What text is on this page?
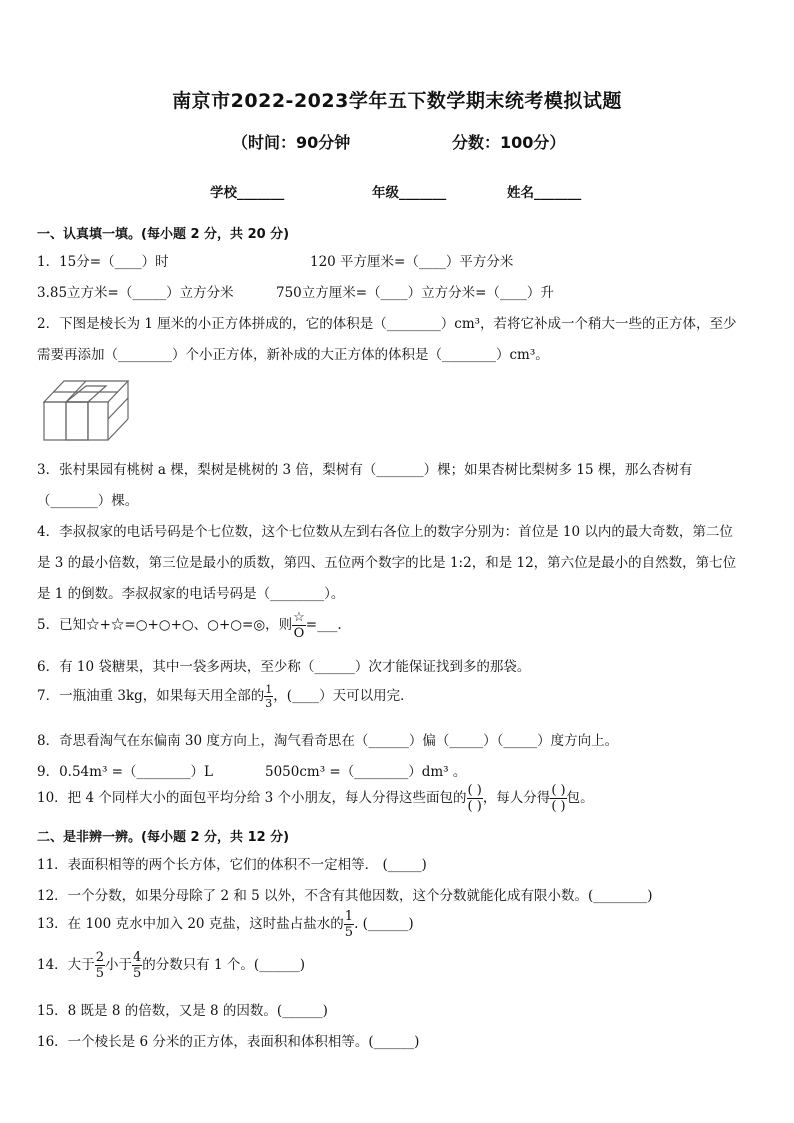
南京市2022-2023学年五下数学期末统考模拟试题
（时间：90分钟	分数：100分）
学校_______	年级_______	姓名_______
一、认真填一填。(每小题 2 分，共 20 分)
1．15分=（____）时	120 平方厘米=（____）平方分米
3.85立方米=（_____）立方分米	750立方厘米=（____）立方分米=（____）升
2．下图是棱长为 1 厘米的小正方体拼成的，它的体积是（________）cm³，若将它补成一个稍大一些的正方体，至少
需要再添加（________）个小正方体，新补成的大正方体的体积是（________）cm³。
3．张村果园有桃树 a 棵，梨树是桃树的 3 倍，梨树有（_______）棵；如果杏树比梨树多 15 棵，那么杏树有
（_______）棵。
4．李叔叔家的电话号码是个七位数，这个七位数从左到右各位上的数字分别为：首位是 10 以内的最大奇数，第二位
是 3 的最小倍数，第三位是最小的质数，第四、五位两个数字的比是 1:2，和是 12，第六位是最小的自然数，第七位
是 1 的倒数。李叔叔家的电话号码是（________）。
5．已知☆+☆=○+○+○、○+○=◎，则 $\frac{☆}{O}$ =___.
6．有 10 袋糖果，其中一袋多两块，至少称（______）次才能保证找到多的那袋。
7．一瓶油重 3kg，如果每天用全部的 $\frac{1}{3}$ ，(____）天可以用完．
8．奇思看淘气在东偏南 30 度方向上，淘气看奇思在（______）偏（_____）（_____）度方向上。
9．0.54m³ =（________）L	5050cm³ =（________）dm³ 。
10．把 4 个同样大小的面包平均分给 3 个小朋友，每人分得这些面包的 $\frac{( )}{( )}$ ，每人分得 $\frac{( )}{( )}$ 包。
二、是非辨一辨。(每小题 2 分，共 12 分)
11．表面积相等的两个长方体，它们的体积不一定相等． (_____)
12．一个分数，如果分母除了 2 和 5 以外，不含有其他因数，这个分数就能化成有限小数。(________)
13．在 100 克水中加入 20 克盐，这时盐占盐水的 $\frac{1}{5}$ . (______)
14．大于 $\frac{2}{5}$ 小于 $\frac{4}{5}$ 的分数只有 1 个。(______)
15．8 既是 8 的倍数，又是 8 的因数。(______)
16．一个棱长是 6 分米的正方体，表面积和体积相等。(______)
